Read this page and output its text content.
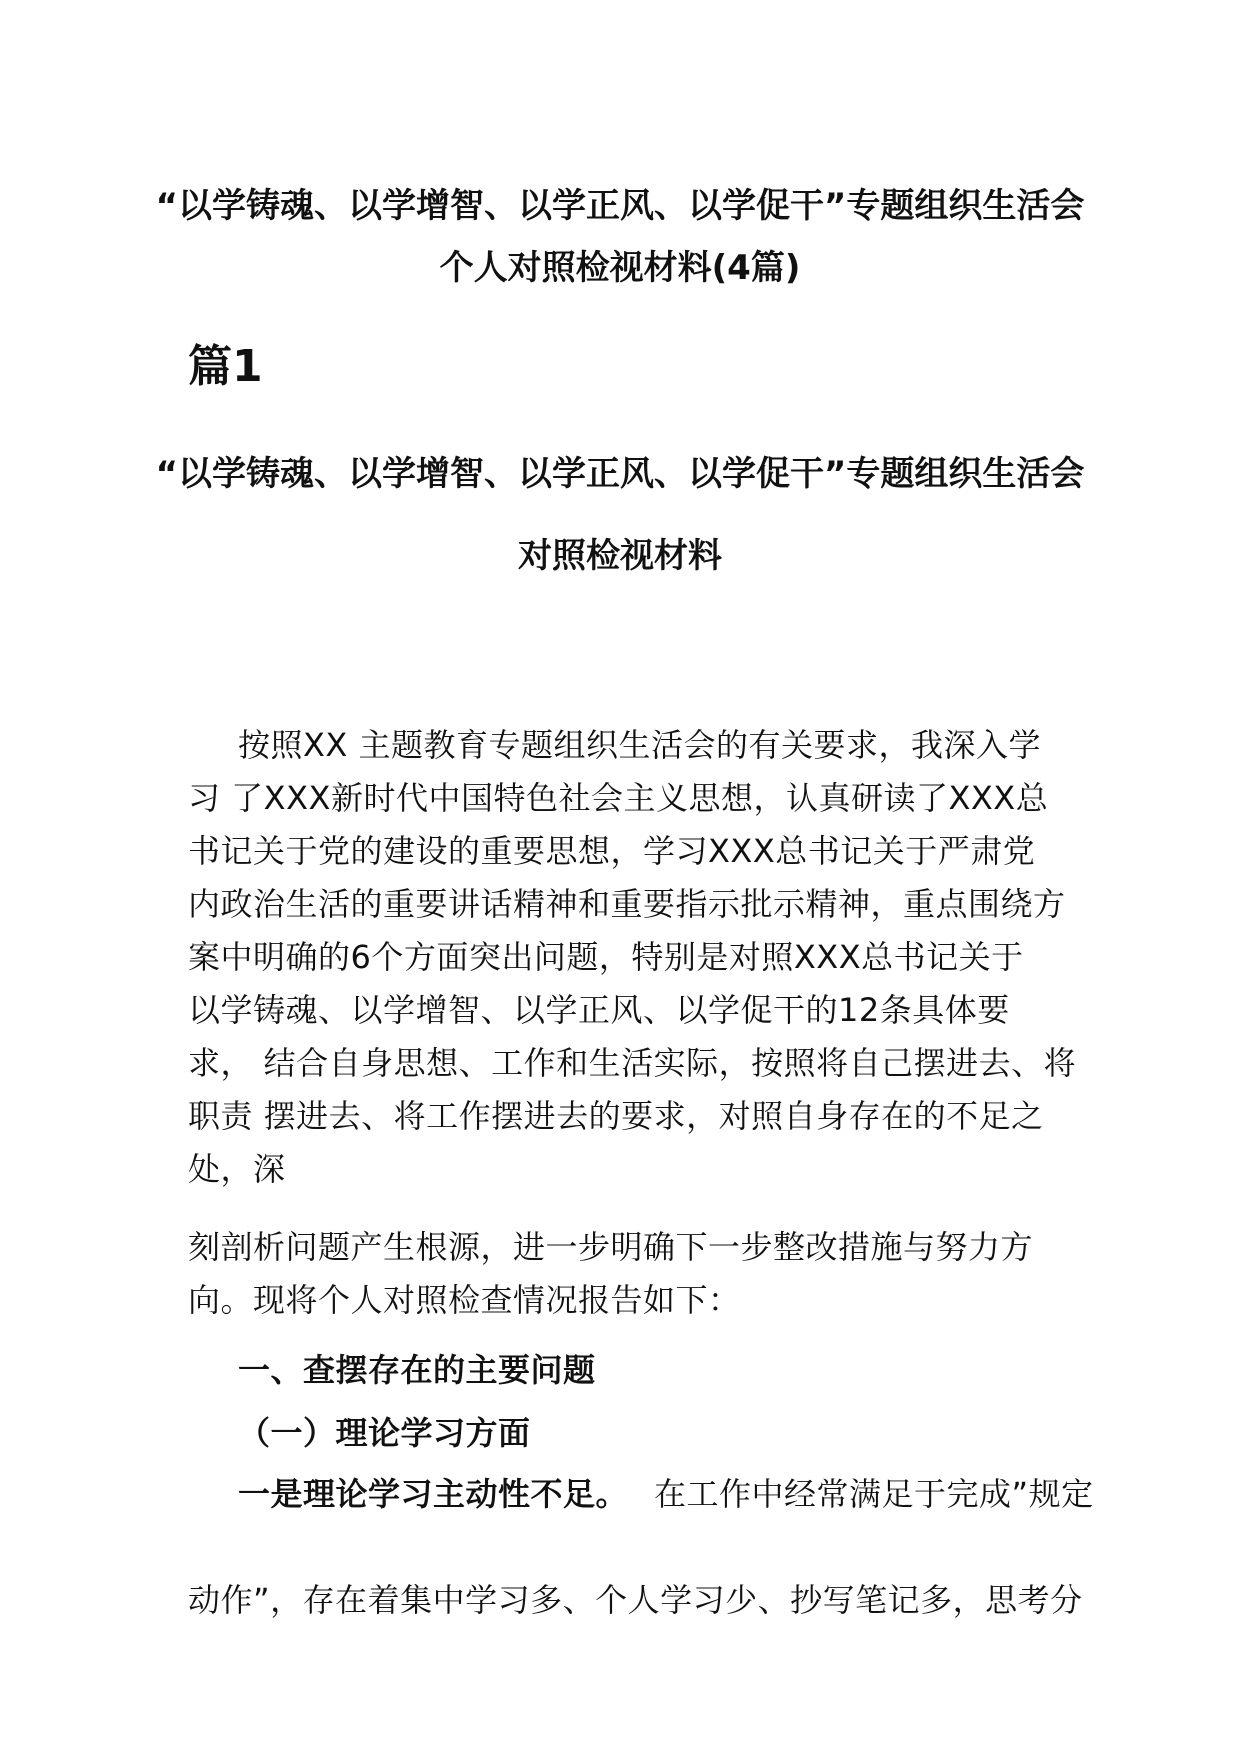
“以学铸魂、以学增智、以学正风、以学促干”专题组织生活会

个人对照检视材料(4篇)

篇1

“以学铸魂、以学增智、以学正风、以学促干”专题组织生活会

对照检视材料

按照XX 主题教育专题组织生活会的有关要求，我深入学

习 了XXX新时代中国特色社会主义思想，认真研读了XXX总

书记关于党的建设的重要思想，学习XXX总书记关于严肃党

内政治生活的重要讲话精神和重要指示批示精神，重点围绕方

案中明确的6个方面突出问题，特别是对照XXX总书记关于

以学铸魂、以学增智、以学正风、以学促干的12条具体要

求， 结合自身思想、工作和生活实际，按照将自己摆进去、将

职责 摆进去、将工作摆进去的要求，对照自身存在的不足之

处，深

刻剖析问题产生根源，进一步明确下一步整改措施与努力方

向。现将个人对照检查情况报告如下：

一、查摆存在的主要问题

（一）理论学习方面

一是理论学习主动性不足。 在工作中经常满足于完成”规定

动作”，存在着集中学习多、个人学习少、抄写笔记多，思考分
